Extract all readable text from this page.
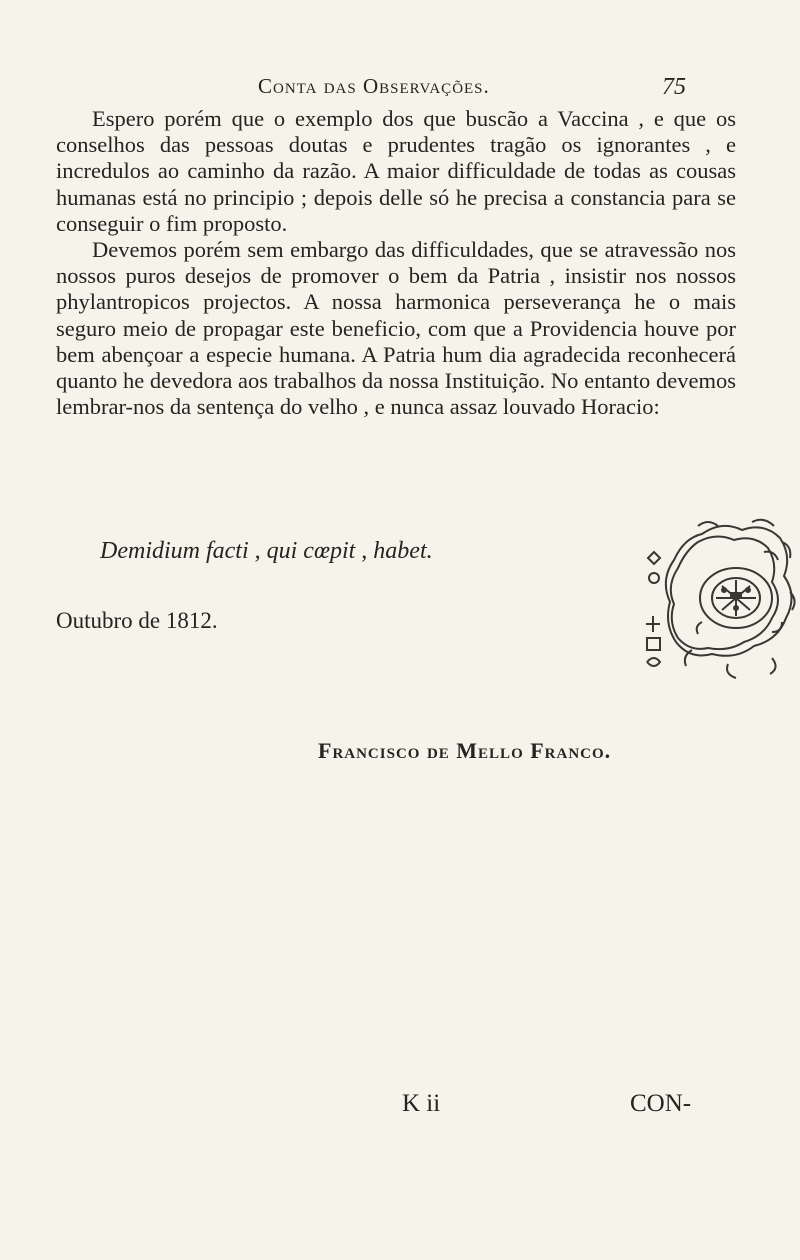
Conta das Observações.	75

Espero porém que o exemplo dos que buscão a Vaccina , e que os conselhos das pessoas doutas e prudentes tragão os ignorantes , e incredulos ao caminho da razão. A maior difficuldade de todas as cousas humanas está no principio ; depois delle só he precisa a constancia para se conseguir o fim proposto.

Devemos porém sem embargo das difficuldades, que se atravessão nos nossos puros desejos de promover o bem da Patria , insistir nos nossos phylantropicos projectos. A nossa harmonica perseverança he o mais seguro meio de propagar este beneficio, com que a Providencia houve por bem abençoar a especie humana. A Patria hum dia agradecida reconhecerá quanto he devedora aos trabalhos da nossa Instituição. No entanto devemos lembrar-nos da sentença do velho , e nunca assaz louvado Horacio:

Demidium facti , qui cœpit , habet.
Outubro de 1812.
Francisco de Mello Franco.
K ii	CON-
